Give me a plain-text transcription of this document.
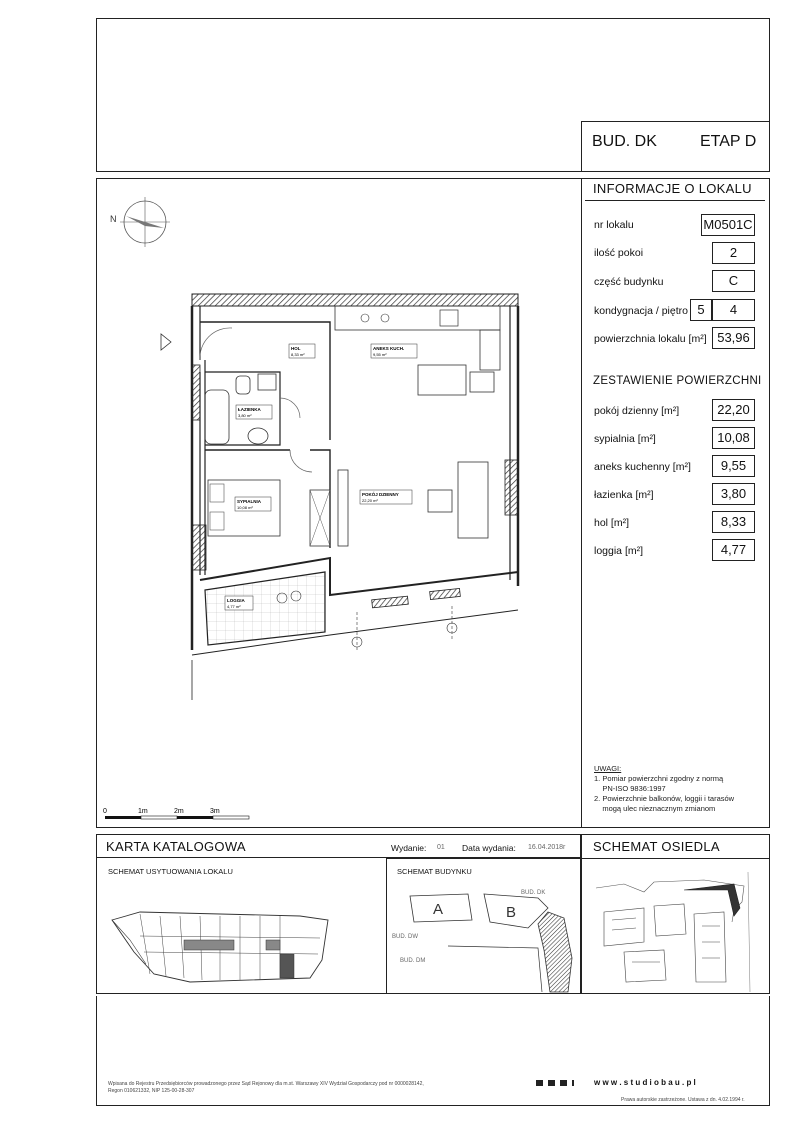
BUD. DK	ETAP D
INFORMACJE O LOKALU
nr lokalu	M0501C
ilość pokoi	2
część budynku	C
kondygnacja / piętro 5	4
powierzchnia lokalu [m²] 53,96
ZESTAWIENIE POWIERZCHNI
pokój dzienny [m²]	22,20
sypialnia [m²]	10,08
aneks kuchenny [m²]	9,55
łazienka [m²]	3,80
hol [m²]	8,33
loggia [m²]	4,77
UWAGI:
1. Pomiar powierzchni zgodny z normą
PN-ISO 9836:1997
2. Powierzchnie balkonów, loggii i tarasów
mogą ulec nieznacznym zmianom
N
HOL
8,33 m²
ANEKS KUCH.
9,55 m²
ŁAZIENKA
3,80 m²
SYPIALNIA
10,08 m²
POKÓJ DZIENNY
22,20 m²
LOGGIA
4,77 m²
0	1m	2m	3m
KARTA KATALOGOWA	Wydanie: 01 Data wydania: 16.04.2018r SCHEMAT OSIEDLA
SCHEMAT USYTUOWANIA LOKALU	SCHEMAT BUDYNKU
A	B
BUD. DK
BUD. DW
BUD. DM
Wpisana do Rejestru Przedsiębiorców prowadzonego przez Sąd Rejonowy dla m.st. Warszawy XIV Wydział Gospodarczy pod nr 0000028142,
Regon 010621332, NIP 125-00-28-307
w w w . s t u d i o b a u . p l
Prawa autorskie zastrzeżone. Ustawa z dn. 4.02.1994 r.
